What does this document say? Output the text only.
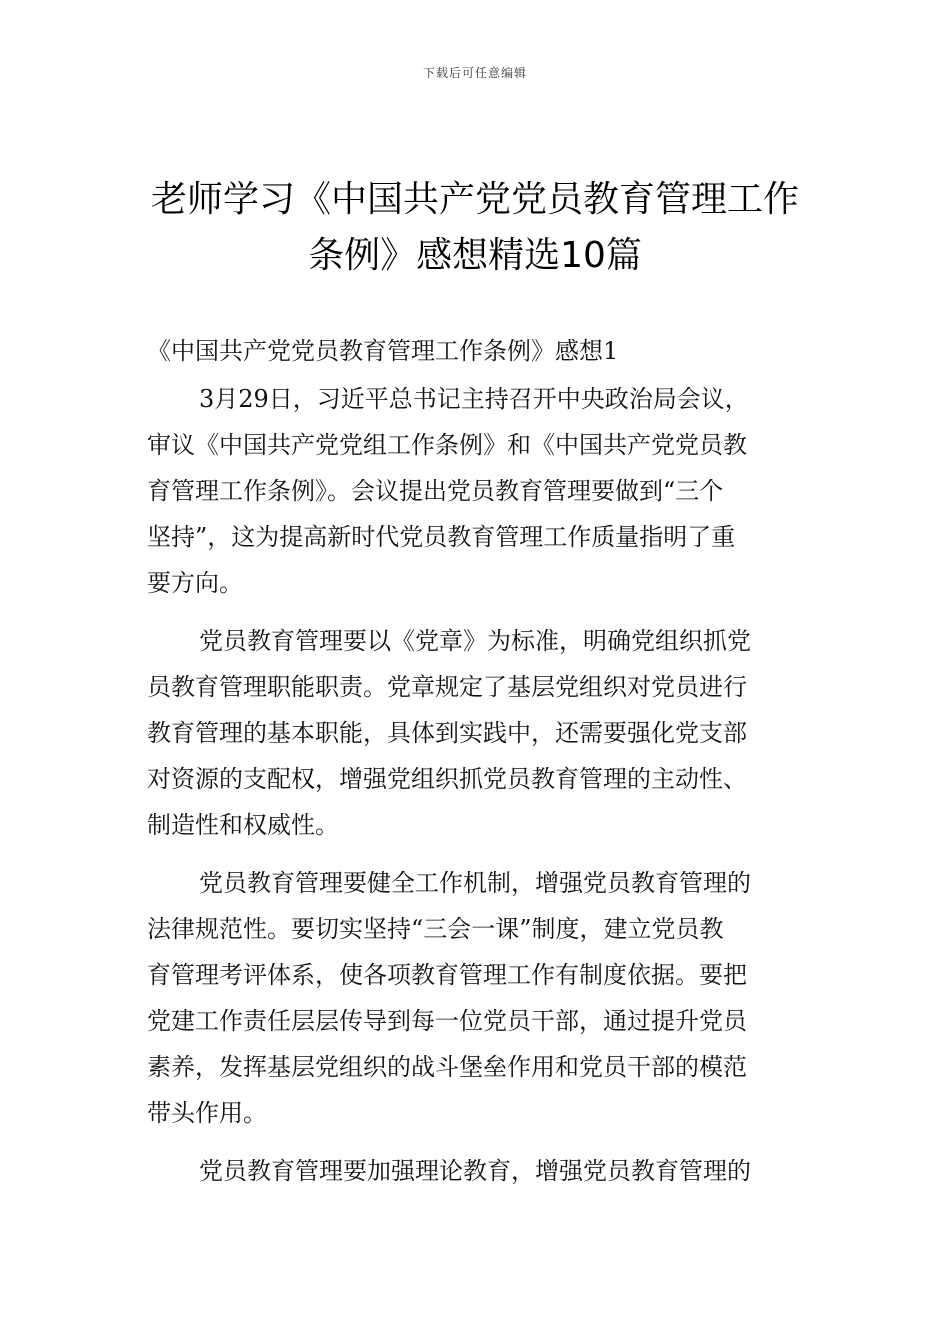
下载后可任意编辑
老师学习《中国共产党党员教育管理工作
条例》感想精选10篇
《中国共产党党员教育管理工作条例》感想1

3月29日，习近平总书记主持召开中央政治局会议，
审议《中国共产党党组工作条例》和《中国共产党党员教
育管理工作条例》。会议提出党员教育管理要做到“三个
坚持”，这为提高新时代党员教育管理工作质量指明了重
要方向。

党员教育管理要以《党章》为标准，明确党组织抓党
员教育管理职能职责。党章规定了基层党组织对党员进行
教育管理的基本职能，具体到实践中，还需要强化党支部
对资源的支配权，增强党组织抓党员教育管理的主动性、
制造性和权威性。

党员教育管理要健全工作机制，增强党员教育管理的
法律规范性。要切实坚持“三会一课”制度，建立党员教
育管理考评体系，使各项教育管理工作有制度依据。要把
党建工作责任层层传导到每一位党员干部，通过提升党员
素养，发挥基层党组织的战斗堡垒作用和党员干部的模范
带头作用。

党员教育管理要加强理论教育，增强党员教育管理的
